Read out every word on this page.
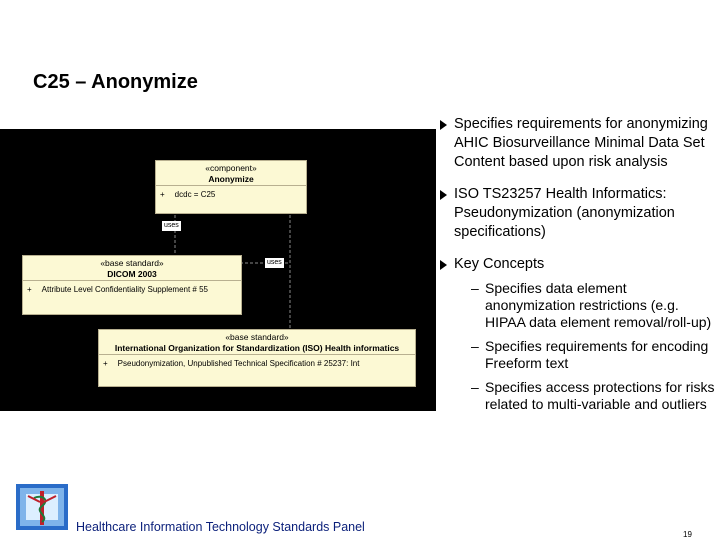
C25 – Anonymize
«component»
Anonymize
+ dcdc = C25
uses
uses
«base standard»
DICOM 2003
+ Attribute Level Confidentiality Supplement # 55
«base standard»
International Organization for Standardization (ISO) Health informatics
+ Pseudonymization, Unpublished Technical Specification # 25237: Int
Specifies requirements for anonymizing AHIC Biosurveillance Minimal Data Set Content based upon risk analysis
ISO TS23257 Health Informatics: Pseudonymization (anonymization specifications)
Key Concepts
– Specifies data element anonymization restrictions (e.g. HIPAA data element removal/roll-up)
– Specifies requirements for encoding Freeform text
– Specifies access protections for risks related to multi-variable and outliers
Healthcare Information Technology Standards Panel
19
